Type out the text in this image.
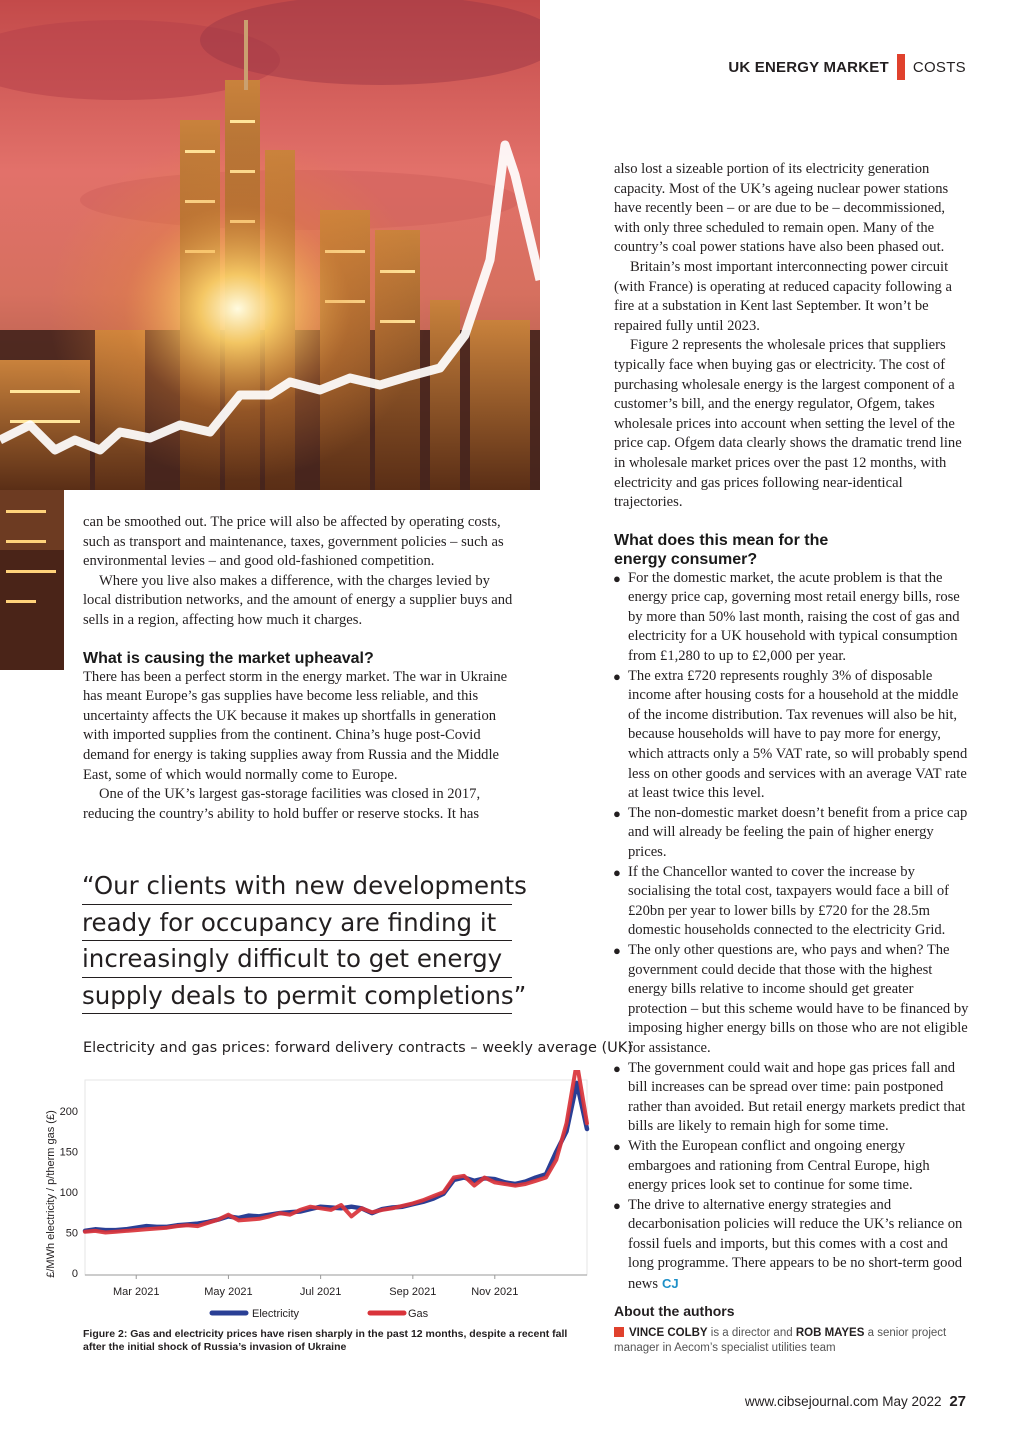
UK ENERGY MARKET COSTS

can be smoothed out. The price will also be affected by operating costs, such as transport and maintenance, taxes, government policies – such as environmental levies – and good old-fashioned competition.

Where you live also makes a difference, with the charges levied by local distribution networks, and the amount of energy a supplier buys and sells in a region, affecting how much it charges.

What is causing the market upheaval?

There has been a perfect storm in the energy market. The war in Ukraine has meant Europe’s gas supplies have become less reliable, and this uncertainty affects the UK because it makes up shortfalls in generation with imported supplies from the continent. China’s huge post-Covid demand for energy is taking supplies away from Russia and the Middle East, some of which would normally come to Europe.

One of the UK’s largest gas-storage facilities was closed in 2017, reducing the country’s ability to hold buffer or reserve stocks. It has

“Our clients with new developments
ready for occupancy are finding it
increasingly difficult to get energy
supply deals to permit completions”
Electricity and gas prices: forward delivery contracts – weekly average (UK)
£/MWh electricity / p/therm gas (£) 0
50
100
150
200
Mar 2021	May 2021	Jul 2021	Sep 2021	Nov 2021
Electricity	Gas
Figure 2: Gas and electricity prices have risen sharply in the past 12 months, despite a recent fall after the initial shock of Russia’s invasion of Ukraine

also lost a sizeable portion of its electricity generation capacity. Most of the UK’s ageing nuclear power stations have recently been – or are due to be – decommissioned, with only three scheduled to remain open. Many of the country’s coal power stations have also been phased out.

Britain’s most important interconnecting power circuit (with France) is operating at reduced capacity following a fire at a substation in Kent last September. It won’t be repaired fully until 2023.

Figure 2 represents the wholesale prices that suppliers typically face when buying gas or electricity. The cost of purchasing wholesale energy is the largest component of a customer’s bill, and the energy regulator, Ofgem, takes wholesale prices into account when setting the level of the price cap. Ofgem data clearly shows the dramatic trend line in wholesale market prices over the past 12 months, with electricity and gas prices following near-identical trajectories.

What does this mean for the energy consumer?
● For the domestic market, the acute problem is that the energy price cap, governing most retail energy bills, rose by more than 50% last month, raising the cost of gas and electricity for a UK household with typical consumption from £1,280 to up to £2,000 per year.
● The extra £720 represents roughly 3% of disposable income after housing costs for a household at the middle of the income distribution. Tax revenues will also be hit, because households will have to pay more for energy, which attracts only a 5% VAT rate, so will probably spend less on other goods and services with an average VAT rate at least twice this level.
● The non-domestic market doesn’t benefit from a price cap and will already be feeling the pain of higher energy prices.
● If the Chancellor wanted to cover the increase by socialising the total cost, taxpayers would face a bill of £20bn per year to lower bills by £720 for the 28.5m domestic households connected to the electricity Grid.
● The only other questions are, who pays and when? The government could decide that those with the highest energy bills relative to income should get greater protection – but this scheme would have to be financed by imposing higher energy bills on those who are not eligible for assistance.
● The government could wait and hope gas prices fall and bill increases can be spread over time: pain postponed rather than avoided. But retail energy markets predict that bills are likely to remain high for some time.
● With the European conflict and ongoing energy embargoes and rationing from Central Europe, high energy prices look set to continue for some time.
● The drive to alternative energy strategies and decarbonisation policies will reduce the UK’s reliance on fossil fuels and imports, but this comes with a cost and long programme. There appears to be no short-term good news CJ
About the authors
VINCE COLBY is a director and ROB MAYES a senior project manager in Aecom’s specialist utilities team
www.cibsejournal.com May 2022 27
